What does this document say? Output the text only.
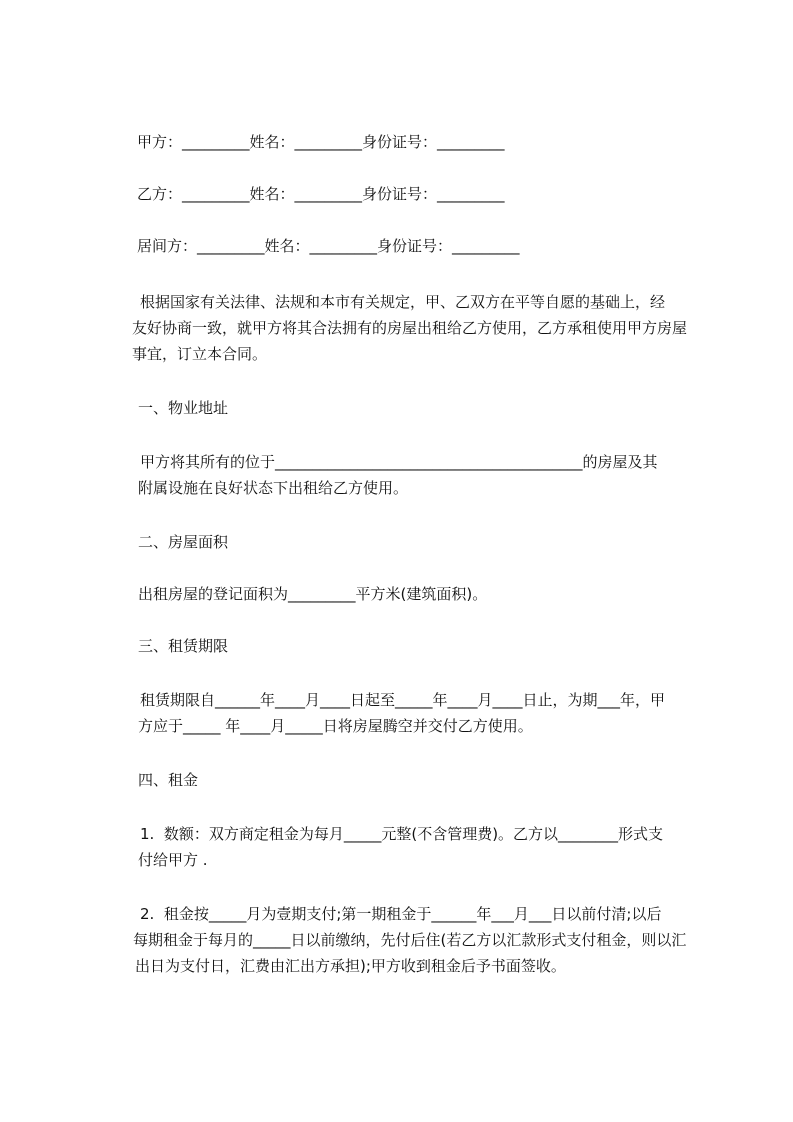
甲方：_________姓名：_________身份证号：_________
乙方：_________姓名：_________身份证号：_________
居间方：_________姓名：_________身份证号：_________
根据国家有关法律、法规和本市有关规定，甲、乙双方在平等自愿的基础上，经
友好协商一致，就甲方将其合法拥有的房屋出租给乙方使用，乙方承租使用甲方房屋
事宜，订立本合同。
一、物业地址
甲方将其所有的位于_________________________________________的房屋及其
附属设施在良好状态下出租给乙方使用。
二、房屋面积
出租房屋的登记面积为_________平方米(建筑面积)。
三、租赁期限
租赁期限自______年____月____日起至_____年____月____日止，为期___年，甲
方应于_____ 年____月_____日将房屋腾空并交付乙方使用。
四、租金
1.  数额：双方商定租金为每月_____元整(不含管理费)。乙方以________形式支
付给甲方 .
2.  租金按_____月为壹期支付;第一期租金于______年___月___日以前付清;以后
每期租金于每月的_____日以前缴纳，先付后住(若乙方以汇款形式支付租金，则以汇
出日为支付日，汇费由汇出方承担);甲方收到租金后予书面签收。
